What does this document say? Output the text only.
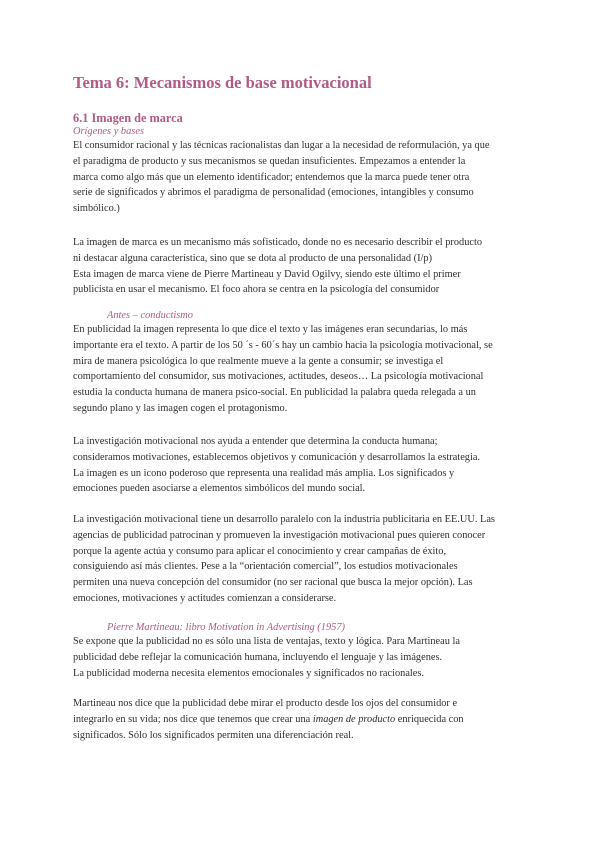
Tema 6: Mecanismos de base motivacional
6.1 Imagen de marca
Orígenes y bases
El consumidor racional y las técnicas racionalistas dan lugar a la necesidad de reformulación, ya que
el paradigma de producto y sus mecanismos se quedan insuficientes. Empezamos a entender la
marca como algo más que un elemento identificador; entendemos que la marca puede tener otra
serie de significados y abrimos el paradigma de personalidad (emociones, intangibles y consumo
simbólico.)
La imagen de marca es un mecanismo más sofisticado, donde no es necesario describir el producto
ni destacar alguna característica, sino que se dota al producto de una personalidad (I/p)
Esta imagen de marca viene de Pierre Martineau y David Ogilvy, siendo este último el primer
publicista en usar el mecanismo. El foco ahora se centra en la psicología del consumidor
Antes – conductismo
En publicidad la imagen representa lo que dice el texto y las imágenes eran secundarias, lo más
importante era el texto. A partir de los 50 ´s - 60´s hay un cambio hacia la psicología motivacional, se
mira de manera psicológica lo que realmente mueve a la gente a consumir; se investiga el
comportamiento del consumidor, sus motivaciones, actitudes, deseos… La psicología motivacional
estudia la conducta humana de manera psico-social. En publicidad la palabra queda relegada a un
segundo plano y las imagen cogen el protagonismo.
La investigación motivacional nos ayuda a entender que determina la conducta humana;
consideramos motivaciones, establecemos objetivos y comunicación y desarrollamos la estrategia.
La imagen es un icono poderoso que representa una realidad más amplia. Los significados y
emociones pueden asociarse a elementos simbólicos del mundo social.
La investigación motivacional tiene un desarrollo paralelo con la industria publicitaria en EE.UU. Las
agencias de publicidad patrocinan y promueven la investigación motivacional pues quieren conocer
porque la agente actúa y consumo para aplicar el conocimiento y crear campañas de éxito,
consiguiendo así más clientes. Pese a la “orientación comercial”, los estudios motivacionales
permiten una nueva concepción del consumidor (no ser racional que busca la mejor opción). Las
emociones, motivaciones y actitudes comienzan a considerarse.
Pierre Martineau: libro Motivation in Advertising (1957)
Se expone que la publicidad no es sólo una lista de ventajas, texto y lógica. Para Martineau la
publicidad debe reflejar la comunicación humana, incluyendo el lenguaje y las imágenes.
La publicidad moderna necesita elementos emocionales y significados no racionales.
Martineau nos dice que la publicidad debe mirar el producto desde los ojos del consumidor e
integrarlo en su vida; nos dice que tenemos que crear una imagen de producto enriquecida con
significados. Sólo los significados permiten una diferenciación real.
